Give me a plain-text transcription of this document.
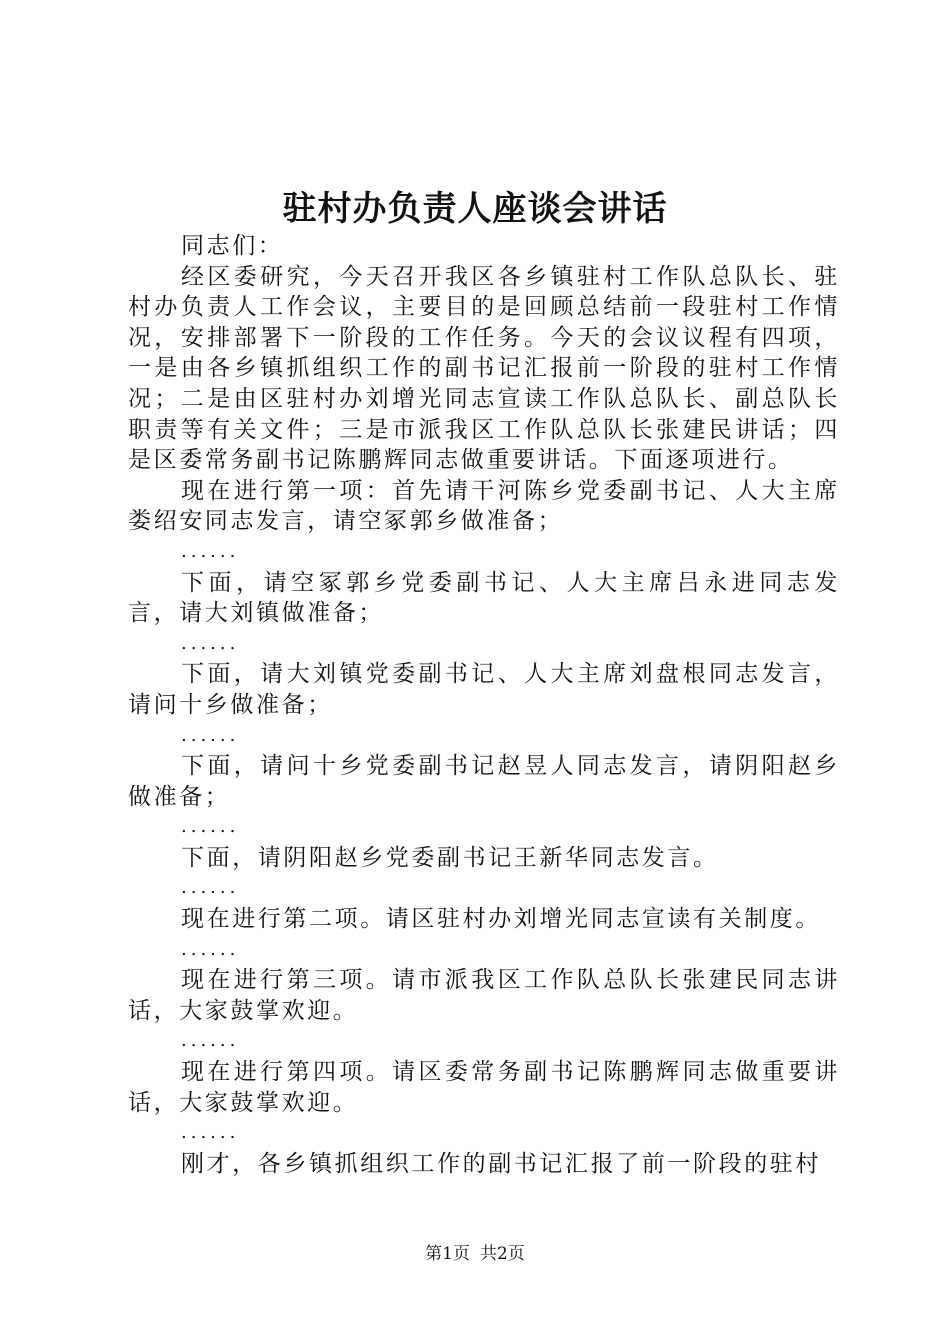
驻村办负责人座谈会讲话

同志们：

经区委研究，今天召开我区各乡镇驻村工作队总队长、驻村办负责人工作会议，主要目的是回顾总结前一段驻村工作情况，安排部署下一阶段的工作任务。今天的会议议程有四项，一是由各乡镇抓组织工作的副书记汇报前一阶段的驻村工作情况；二是由区驻村办刘增光同志宣读工作队总队长、副总队长职责等有关文件；三是市派我区工作队总队长张建民讲话；四是区委常务副书记陈鹏辉同志做重要讲话。下面逐项进行。

现在进行第一项：首先请干河陈乡党委副书记、人大主席娄绍安同志发言，请空冢郭乡做准备；

......

下面，请空冢郭乡党委副书记、人大主席吕永进同志发言，请大刘镇做准备；

......

下面，请大刘镇党委副书记、人大主席刘盘根同志发言，请问十乡做准备；

......

下面，请问十乡党委副书记赵昱人同志发言，请阴阳赵乡做准备；

......

下面，请阴阳赵乡党委副书记王新华同志发言。

......

现在进行第二项。请区驻村办刘增光同志宣读有关制度。

......

现在进行第三项。请市派我区工作队总队长张建民同志讲话，大家鼓掌欢迎。

......

现在进行第四项。请区委常务副书记陈鹏辉同志做重要讲话，大家鼓掌欢迎。

......

刚才，各乡镇抓组织工作的副书记汇报了前一阶段的驻村

第1页 共2页
